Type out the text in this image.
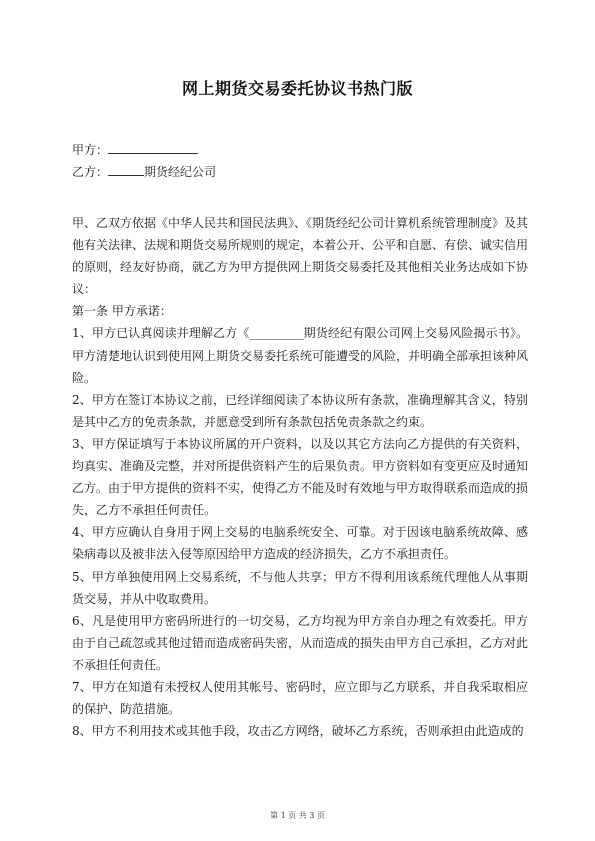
网上期货交易委托协议书热门版
甲方：
乙方：	期货经纪公司

甲、乙双方依据《中华人民共和国民法典》、《期货经纪公司计算机系统管理制度》及其他有关法律、法规和期货交易所规则的规定，本着公开、公平和自愿、有偿、诚实信用的原则，经友好协商，就乙方为甲方提供网上期货交易委托及其他相关业务达成如下协议：

第一条 甲方承诺：

1、甲方已认真阅读并理解乙方《_________期货经纪有限公司网上交易风险揭示书》。甲方清楚地认识到使用网上期货交易委托系统可能遭受的风险，并明确全部承担该种风险。

2、甲方在签订本协议之前，已经详细阅读了本协议所有条款，准确理解其含义，特别是其中乙方的免责条款，并愿意受到所有条款包括免责条款之约束。

3、甲方保证填写于本协议所属的开户资料，以及以其它方法向乙方提供的有关资料，均真实、准确及完整，并对所提供资料产生的后果负责。甲方资料如有变更应及时通知乙方。由于甲方提供的资料不实，使得乙方不能及时有效地与甲方取得联系而造成的损失，乙方不承担任何责任。

4、甲方应确认自身用于网上交易的电脑系统安全、可靠。对于因该电脑系统故障、感染病毒以及被非法入侵等原因给甲方造成的经济损失，乙方不承担责任。

5、甲方单独使用网上交易系统，不与他人共享；甲方不得利用该系统代理他人从事期货交易，并从中收取费用。

6、凡是使用甲方密码所进行的一切交易，乙方均视为甲方亲自办理之有效委托。甲方由于自己疏忽或其他过错而造成密码失密，从而造成的损失由甲方自己承担，乙方对此不承担任何责任。

7、甲方在知道有未授权人使用其帐号、密码时，应立即与乙方联系，并自我采取相应的保护、防范措施。

8、甲方不利用技术或其他手段，攻击乙方网络，破坏乙方系统，否则承担由此造成的

第 1 页 共 3 页
